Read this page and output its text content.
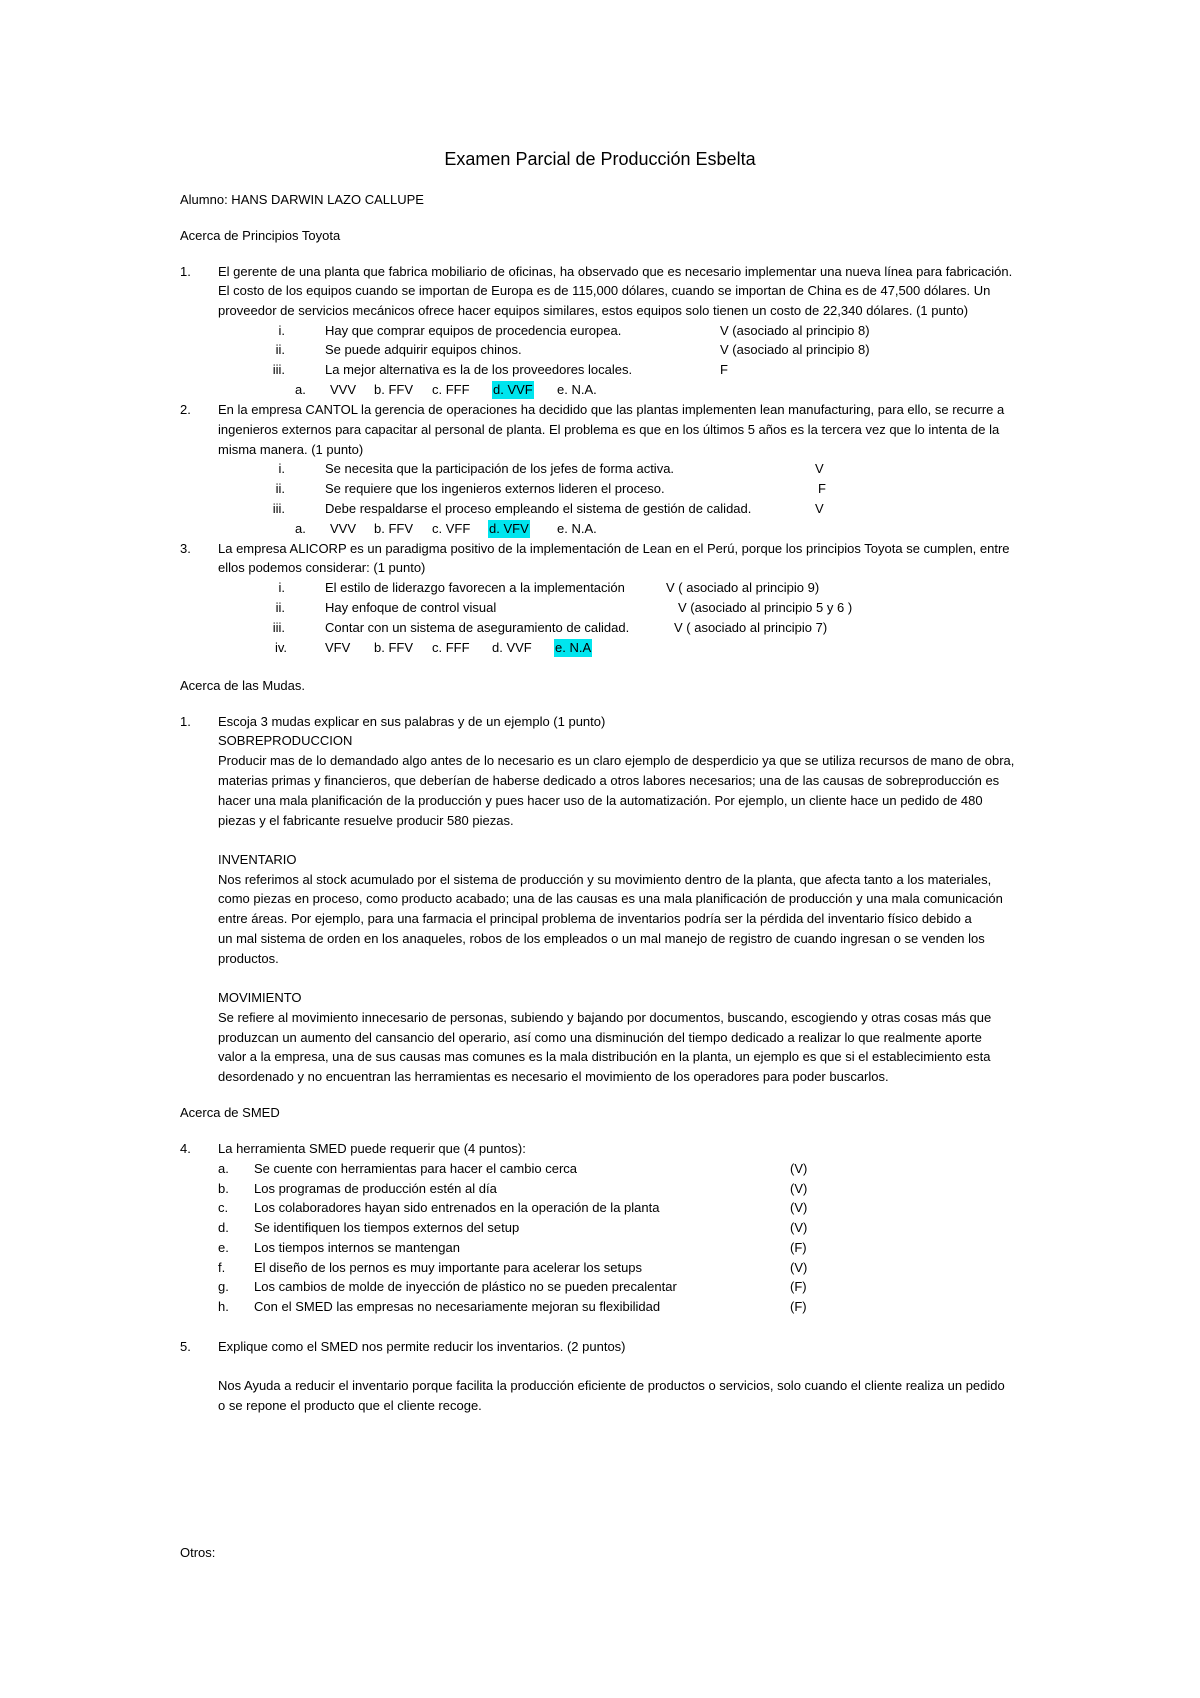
Examen Parcial de Producción Esbelta
Alumno: HANS DARWIN LAZO CALLUPE
Acerca de Principios Toyota
1. El gerente de una planta que fabrica mobiliario de oficinas, ha observado que es necesario implementar una nueva línea para fabricación.
El costo de los equipos cuando se importan de Europa es de 115,000 dólares, cuando se importan de China es de 47,500 dólares. Un
proveedor de servicios mecánicos ofrece hacer equipos similares, estos equipos solo tienen un costo de 22,340 dólares. (1 punto)
i.	Hay que comprar equipos de procedencia europea.	V (asociado al principio 8)
ii.	Se puede adquirir equipos chinos.	V (asociado al principio 8)
iii.	La mejor alternativa es la de los proveedores locales.	F
a. VVV b. FFV c. FFF d. VVF e. N.A.
2. En la empresa CANTOL la gerencia de operaciones ha decidido que las plantas implementen lean manufacturing, para ello, se recurre a
ingenieros externos para capacitar al personal de planta. El problema es que en los últimos 5 años es la tercera vez que lo intenta de la
misma manera. (1 punto)
i.	Se necesita que la participación de los jefes de forma activa.	V
ii.	Se requiere que los ingenieros externos lideren el proceso.	F
iii.	Debe respaldarse el proceso empleando el sistema de gestión de calidad.	V
a. VVV b. FFV c. VFF d. VFV e. N.A.
3. La empresa ALICORP es un paradigma positivo de la implementación de Lean en el Perú, porque los principios Toyota se cumplen, entre
ellos podemos considerar: (1 punto)
i.	El estilo de liderazgo favorecen a la implementación	V ( asociado al principio 9)
ii.	Hay enfoque de control visual	V (asociado al principio 5 y 6 )
iii.	Contar con un sistema de aseguramiento de calidad.	V ( asociado al principio 7)
iv.	VFV b. FFV c. FFF d. VVF e. N.A
Acerca de las Mudas.
1. Escoja 3 mudas explicar en sus palabras y de un ejemplo (1 punto)
SOBREPRODUCCION
Producir mas de lo demandado algo antes de lo necesario es un claro ejemplo de desperdicio ya que se utiliza recursos de mano de obra,
materias primas y financieros, que deberían de haberse dedicado a otros labores necesarios; una de las causas de sobreproducción es
hacer una mala planificación de la producción y pues hacer uso de la automatización. Por ejemplo, un cliente hace un pedido de 480
piezas y el fabricante resuelve producir 580 piezas.
INVENTARIO
Nos referimos al stock acumulado por el sistema de producción y su movimiento dentro de la planta, que afecta tanto a los materiales,
como piezas en proceso, como producto acabado; una de las causas es una mala planificación de producción y una mala comunicación
entre áreas. Por ejemplo, para una farmacia el principal problema de inventarios podría ser la pérdida del inventario físico debido a
un mal sistema de orden en los anaqueles, robos de los empleados o un mal manejo de registro de cuando ingresan o se venden los
productos.
MOVIMIENTO
Se refiere al movimiento innecesario de personas, subiendo y bajando por documentos, buscando, escogiendo y otras cosas más que
produzcan un aumento del cansancio del operario, así como una disminución del tiempo dedicado a realizar lo que realmente aporte
valor a la empresa, una de sus causas mas comunes es la mala distribución en la planta, un ejemplo es que si el establecimiento esta
desordenado y no encuentran las herramientas es necesario el movimiento de los operadores para poder buscarlos.
Acerca de SMED
4. La herramienta SMED puede requerir que (4 puntos):
a. Se cuente con herramientas para hacer el cambio cerca	(V)
b. Los programas de producción estén al día	(V)
c. Los colaboradores hayan sido entrenados en la operación de la planta	(V)
d. Se identifiquen los tiempos externos del setup	(V)
e. Los tiempos internos se mantengan	(F)
f. El diseño de los pernos es muy importante para acelerar los setups	(V)
g. Los cambios de molde de inyección de plástico no se pueden precalentar	(F)
h. Con el SMED las empresas no necesariamente mejoran su flexibilidad	(F)
5. Explique como el SMED nos permite reducir los inventarios. (2 puntos)
Nos Ayuda a reducir el inventario porque facilita la producción eficiente de productos o servicios, solo cuando el cliente realiza un pedido
o se repone el producto que el cliente recoge.
Otros:
